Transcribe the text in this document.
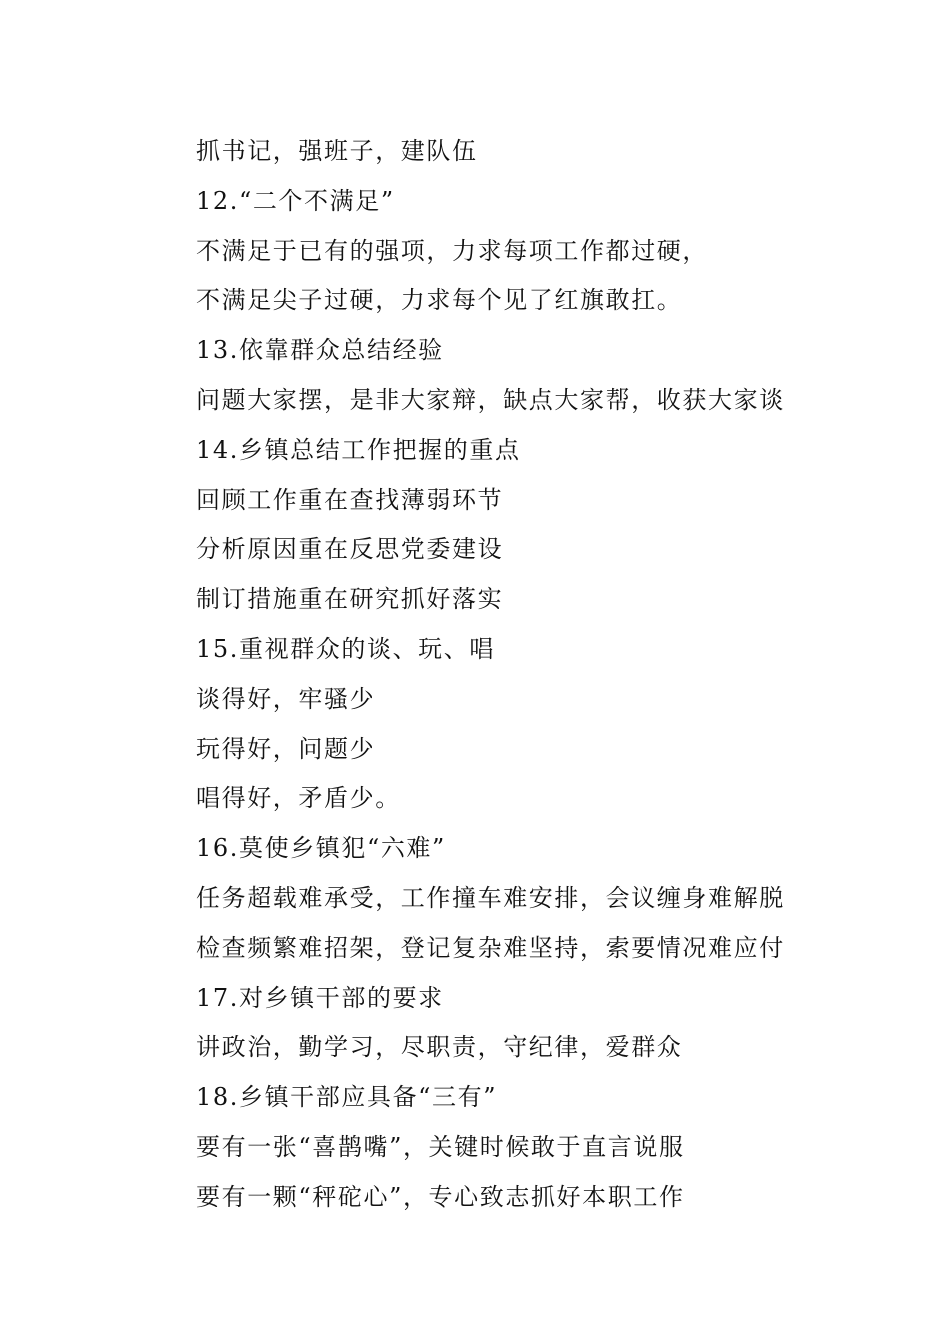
抓书记，强班子，建队伍
12.“二个不满足”
不满足于已有的强项，力求每项工作都过硬，
不满足尖子过硬，力求每个见了红旗敢扛。
13.依靠群众总结经验
问题大家摆，是非大家辩，缺点大家帮，收获大家谈
14.乡镇总结工作把握的重点
回顾工作重在查找薄弱环节
分析原因重在反思党委建设
制订措施重在研究抓好落实
15.重视群众的谈、玩、唱
谈得好，牢骚少
玩得好，问题少
唱得好，矛盾少。
16.莫使乡镇犯“六难”
任务超载难承受，工作撞车难安排，会议缠身难解脱
检查频繁难招架，登记复杂难坚持，索要情况难应付
17.对乡镇干部的要求
讲政治，勤学习，尽职责，守纪律，爱群众
18.乡镇干部应具备“三有”
要有一张“喜鹊嘴”，关键时候敢于直言说服
要有一颗“秤砣心”，专心致志抓好本职工作
